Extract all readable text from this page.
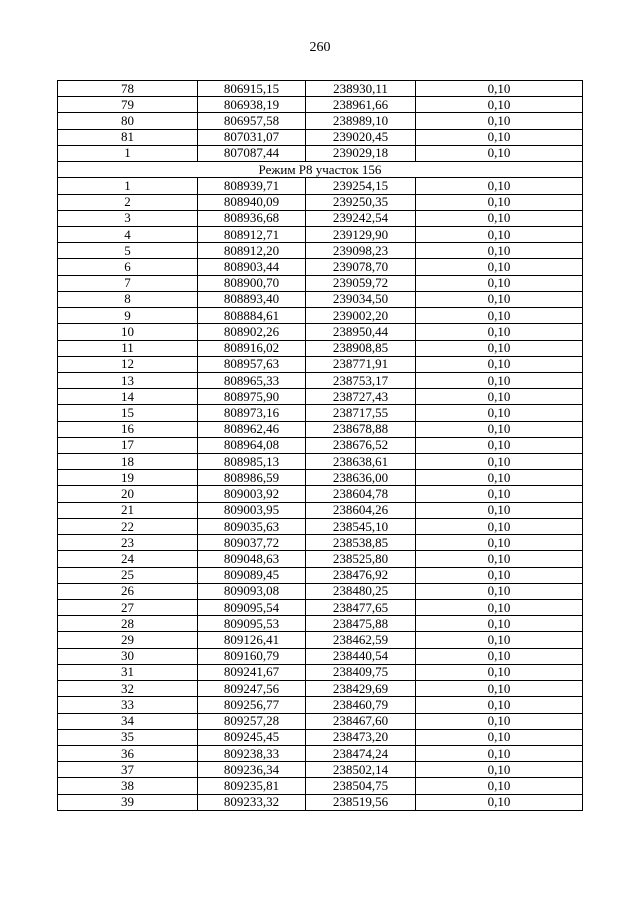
260
78	806915,15	238930,11	0,10
79	806938,19	238961,66	0,10
80	806957,58	238989,10	0,10
81	807031,07	239020,45	0,10
1	807087,44	239029,18	0,10
Режим Р8 участок 156			
1	808939,71	239254,15	0,10
2	808940,09	239250,35	0,10
3	808936,68	239242,54	0,10
4	808912,71	239129,90	0,10
5	808912,20	239098,23	0,10
6	808903,44	239078,70	0,10
7	808900,70	239059,72	0,10
8	808893,40	239034,50	0,10
9	808884,61	239002,20	0,10
10	808902,26	238950,44	0,10
11	808916,02	238908,85	0,10
12	808957,63	238771,91	0,10
13	808965,33	238753,17	0,10
14	808975,90	238727,43	0,10
15	808973,16	238717,55	0,10
16	808962,46	238678,88	0,10
17	808964,08	238676,52	0,10
18	808985,13	238638,61	0,10
19	808986,59	238636,00	0,10
20	809003,92	238604,78	0,10
21	809003,95	238604,26	0,10
22	809035,63	238545,10	0,10
23	809037,72	238538,85	0,10
24	809048,63	238525,80	0,10
25	809089,45	238476,92	0,10
26	809093,08	238480,25	0,10
27	809095,54	238477,65	0,10
28	809095,53	238475,88	0,10
29	809126,41	238462,59	0,10
30	809160,79	238440,54	0,10
31	809241,67	238409,75	0,10
32	809247,56	238429,69	0,10
33	809256,77	238460,79	0,10
34	809257,28	238467,60	0,10
35	809245,45	238473,20	0,10
36	809238,33	238474,24	0,10
37	809236,34	238502,14	0,10
38	809235,81	238504,75	0,10
39	809233,32	238519,56	0,10
